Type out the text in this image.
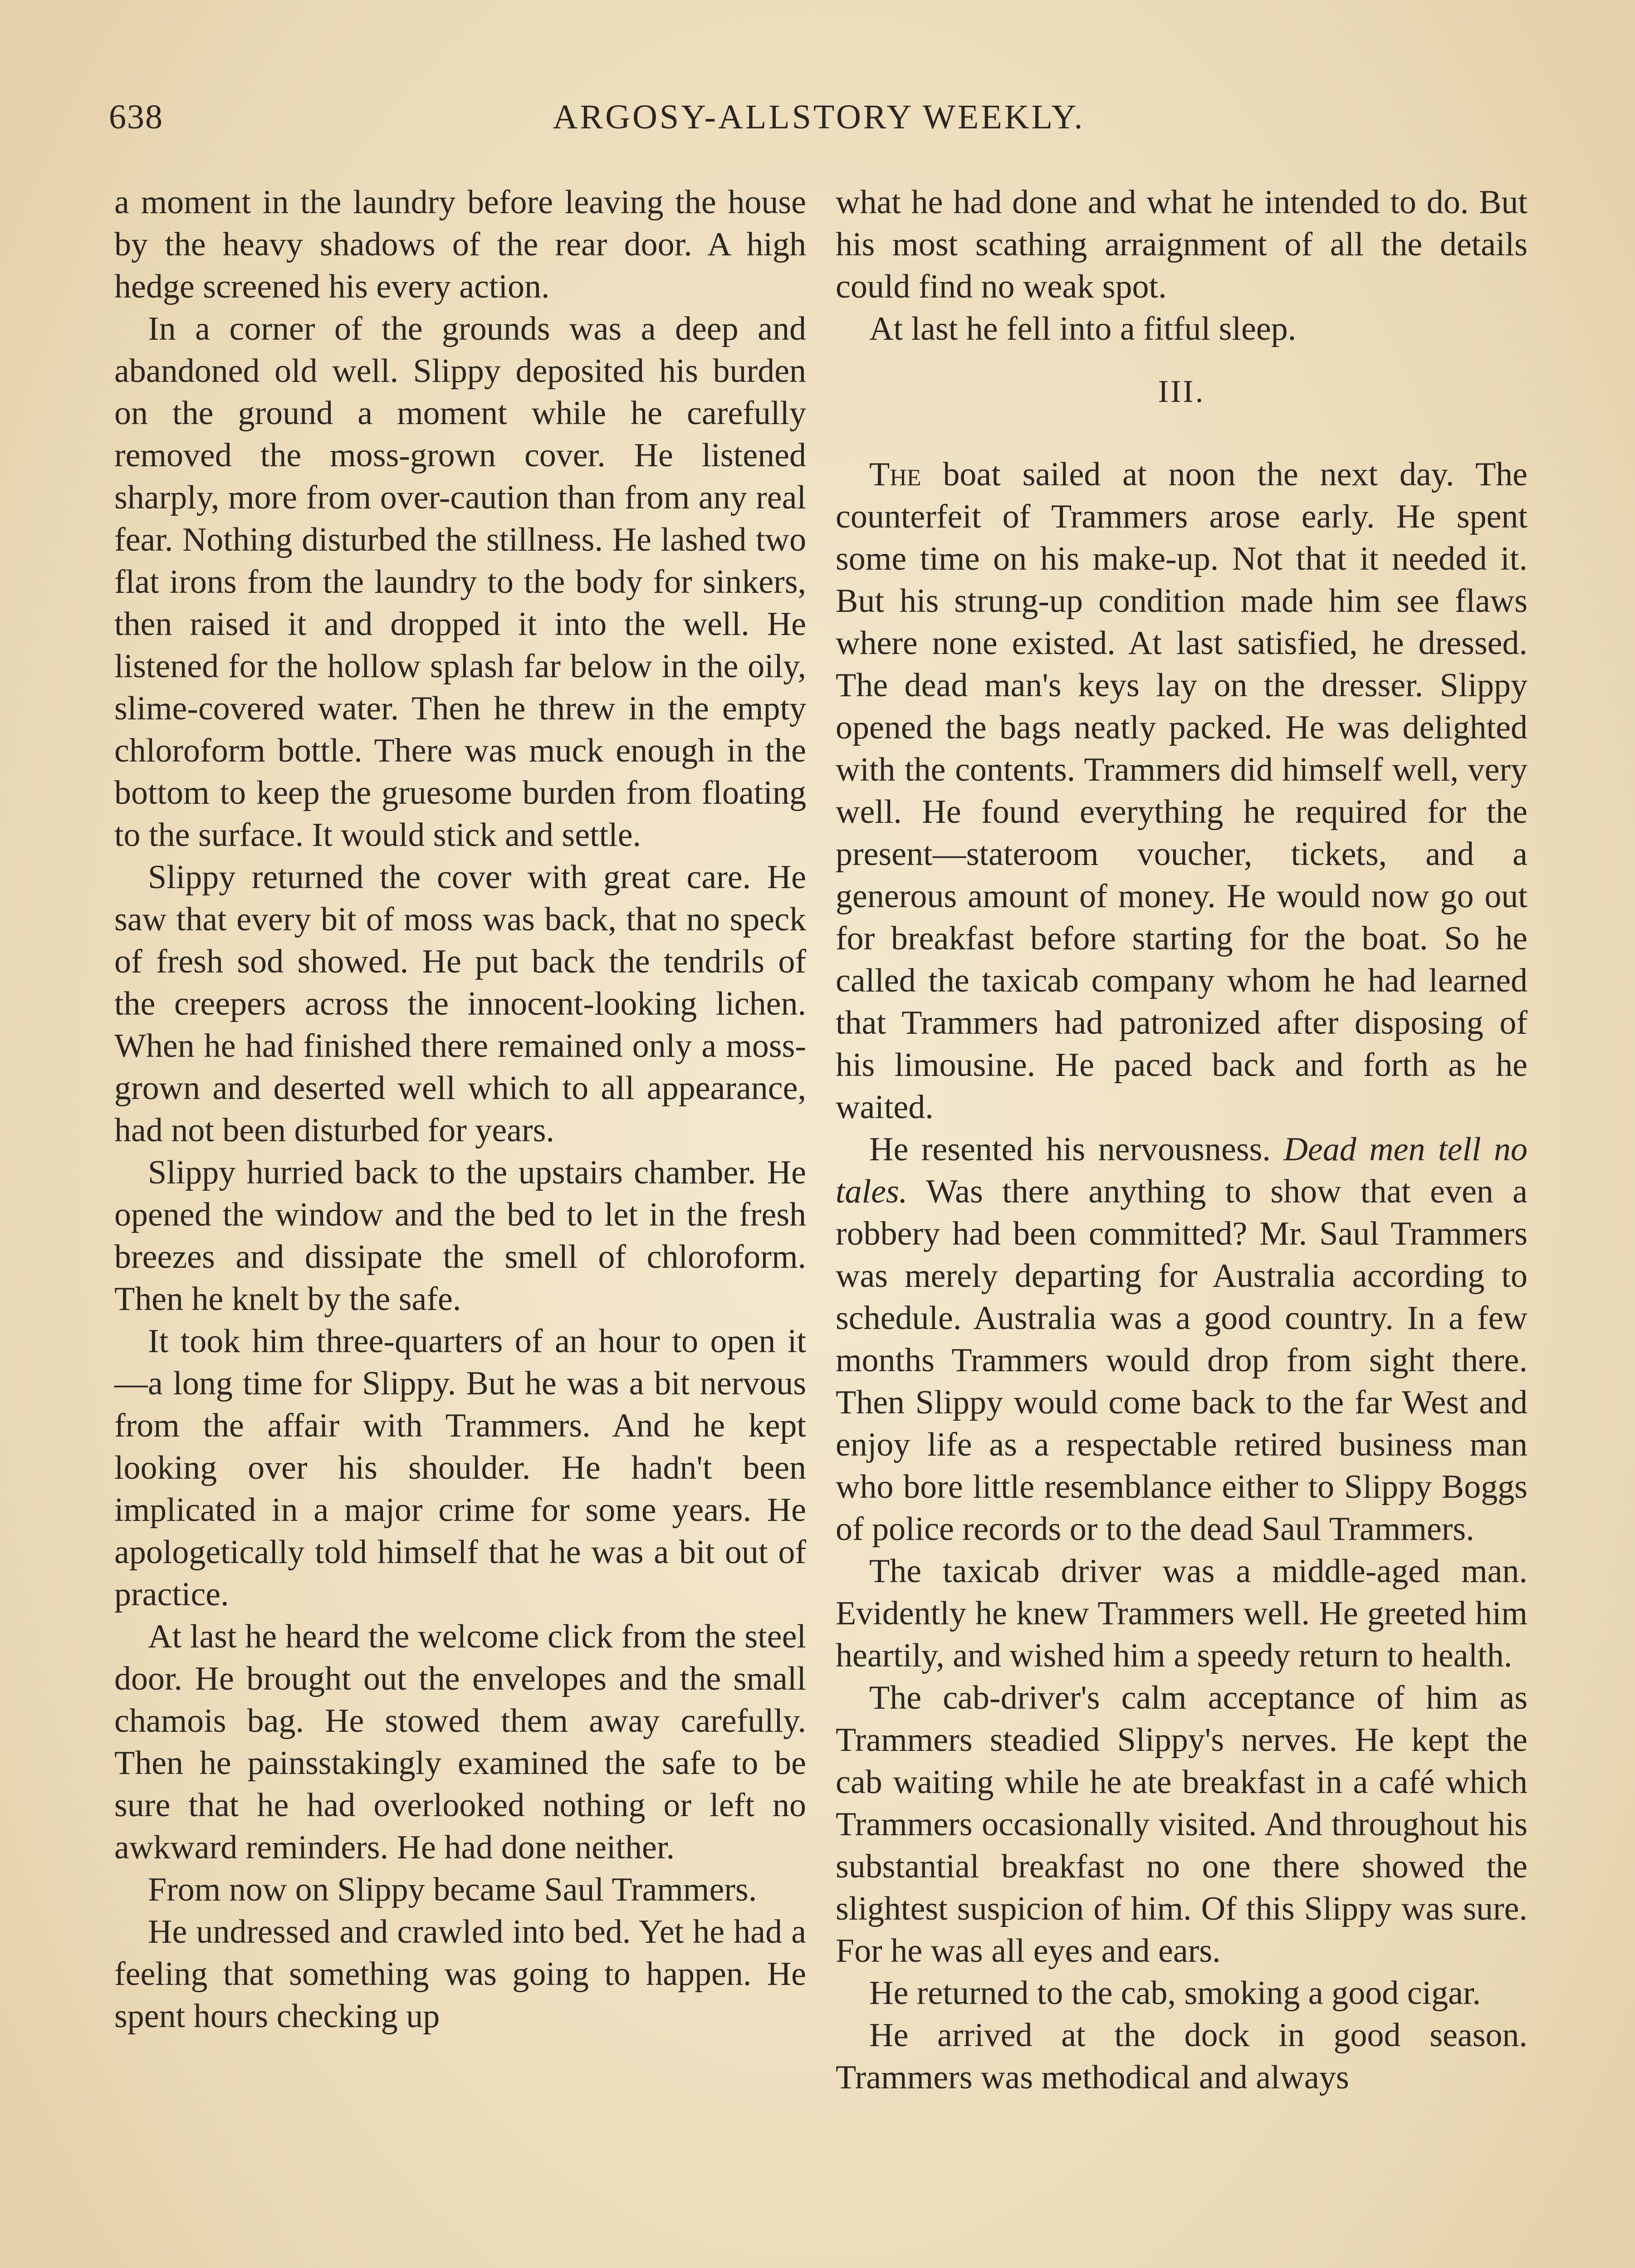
638	ARGOSY-ALLSTORY WEEKLY.

a moment in the laundry before leaving the house by the heavy shadows of the rear door. A high hedge screened his every action.

In a corner of the grounds was a deep and abandoned old well. Slippy deposited his burden on the ground a moment while he carefully removed the moss-grown cover. He listened sharply, more from over-caution than from any real fear. Nothing disturbed the stillness. He lashed two flat irons from the laundry to the body for sinkers, then raised it and dropped it into the well. He listened for the hollow splash far below in the oily, slime-covered water. Then he threw in the empty chloroform bottle. There was muck enough in the bottom to keep the gruesome burden from floating to the surface. It would stick and settle.

Slippy returned the cover with great care. He saw that every bit of moss was back, that no speck of fresh sod showed. He put back the tendrils of the creepers across the innocent-looking lichen. When he had finished there remained only a moss-grown and deserted well which to all appearance, had not been disturbed for years.

Slippy hurried back to the upstairs chamber. He opened the window and the bed to let in the fresh breezes and dissipate the smell of chloroform. Then he knelt by the safe.

It took him three-quarters of an hour to open it—a long time for Slippy. But he was a bit nervous from the affair with Trammers. And he kept looking over his shoulder. He hadn't been implicated in a major crime for some years. He apologetically told himself that he was a bit out of practice.

At last he heard the welcome click from the steel door. He brought out the envelopes and the small chamois bag. He stowed them away carefully. Then he painsstakingly examined the safe to be sure that he had overlooked nothing or left no awkward reminders. He had done neither.

From now on Slippy became Saul Trammers.

He undressed and crawled into bed. Yet he had a feeling that something was going to happen. He spent hours checking up

what he had done and what he intended to do. But his most scathing arraignment of all the details could find no weak spot.

At last he fell into a fitful sleep.

III.

The boat sailed at noon the next day. The counterfeit of Trammers arose early. He spent some time on his make-up. Not that it needed it. But his strung-up condition made him see flaws where none existed. At last satisfied, he dressed. The dead man's keys lay on the dresser. Slippy opened the bags neatly packed. He was delighted with the contents. Trammers did himself well, very well. He found everything he required for the present—stateroom voucher, tickets, and a generous amount of money. He would now go out for breakfast before starting for the boat. So he called the taxicab company whom he had learned that Trammers had patronized after disposing of his limousine. He paced back and forth as he waited.

He resented his nervousness. Dead men tell no tales. Was there anything to show that even a robbery had been committed? Mr. Saul Trammers was merely departing for Australia according to schedule. Australia was a good country. In a few months Trammers would drop from sight there. Then Slippy would come back to the far West and enjoy life as a respectable retired business man who bore little resemblance either to Slippy Boggs of police records or to the dead Saul Trammers.

The taxicab driver was a middle-aged man. Evidently he knew Trammers well. He greeted him heartily, and wished him a speedy return to health.

The cab-driver's calm acceptance of him as Trammers steadied Slippy's nerves. He kept the cab waiting while he ate breakfast in a café which Trammers occasionally visited. And throughout his substantial breakfast no one there showed the slightest suspicion of him. Of this Slippy was sure. For he was all eyes and ears.

He returned to the cab, smoking a good cigar.

He arrived at the dock in good season. Trammers was methodical and always
